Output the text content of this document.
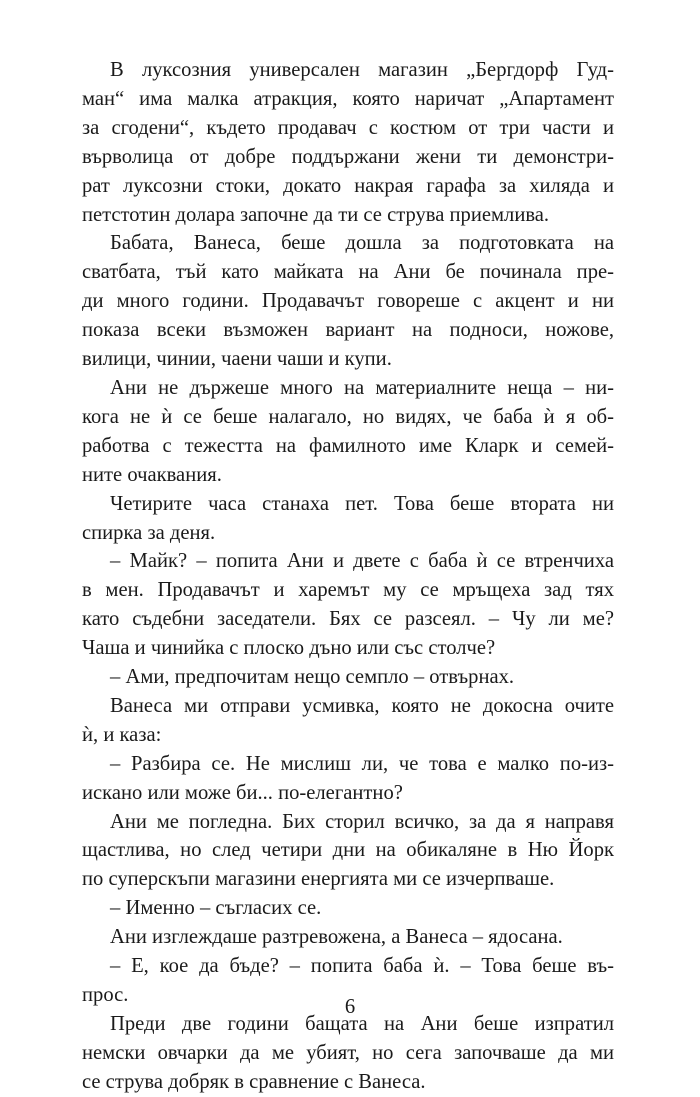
В луксозния универсален магазин „Бергдорф Гуд-
ман“ има малка атракция, която наричат „Апартамент
за сгодени“, където продавач с костюм от три части и
върволица от добре поддържани жени ти демонстри-
рат луксозни стоки, докато накрая гарафа за хиляда и
петстотин долара започне да ти се струва приемлива.
Бабата, Ванеса, беше дошла за подготовката на
сватбата, тъй като майката на Ани бе починала пре-
ди много години. Продавачът говореше с акцент и ни
показа всеки възможен вариант на подноси, ножове,
вилици, чинии, чаени чаши и купи.
Ани не държеше много на материалните неща – ни-
кога не ѝ се беше налагало, но видях, че баба ѝ я об-
работва с тежестта на фамилното име Кларк и семей-
ните очаквания.
Четирите часа станаха пет. Това беше втората ни
спирка за деня.
– Майк? – попита Ани и двете с баба ѝ се втренчиха
в мен. Продавачът и харемът му се мръщеха зад тях
като съдебни заседатели. Бях се разсеял. – Чу ли ме?
Чаша и чинийка с плоско дъно или със столче?
– Ами, предпочитам нещо семпло – отвърнах.
Ванеса ми отправи усмивка, която не докосна очите
ѝ, и каза:
– Разбира се. Не мислиш ли, че това е малко по-из-
искано или може би... по-елегантно?
Ани ме погледна. Бих сторил всичко, за да я направя
щастлива, но след четири дни на обикаляне в Ню Йорк
по суперскъпи магазини енергията ми се изчерпваше.
– Именно – съгласих се.
Ани изглеждаше разтревожена, а Ванеса – ядосана.
– Е, кое да бъде? – попита баба ѝ. – Това беше въ-
прос.
Преди две години бащата на Ани беше изпратил
немски овчарки да ме убият, но сега започваше да ми
се струва добряк в сравнение с Ванеса.
6
